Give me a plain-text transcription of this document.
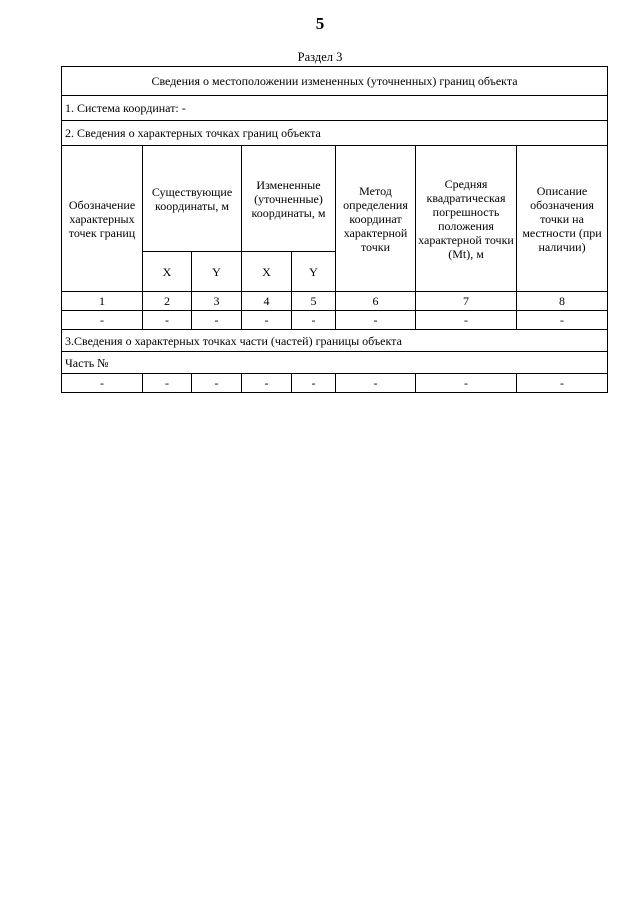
5
Раздел 3
Сведения о местоположении измененных (уточненных) границ объекта							
1. Система координат: -							
2. Сведения о характерных точках границ объекта							
Обозначение характерных точек границ	Существующие координаты, м		Измененные (уточненные) координаты, м		Метод определения координат характерной точки	Средняя квадратическая погрешность положения характерной точки (Mt), м	Описание обозначения точки на местности (при наличии)
	X	Y	X	Y			
1	2	3	4	5	6	7	8
-	-	-	-	-	-	-	-
3.Сведения о характерных точках части (частей) границы объекта							
Часть №							
-	-	-	-	-	-	-	-
